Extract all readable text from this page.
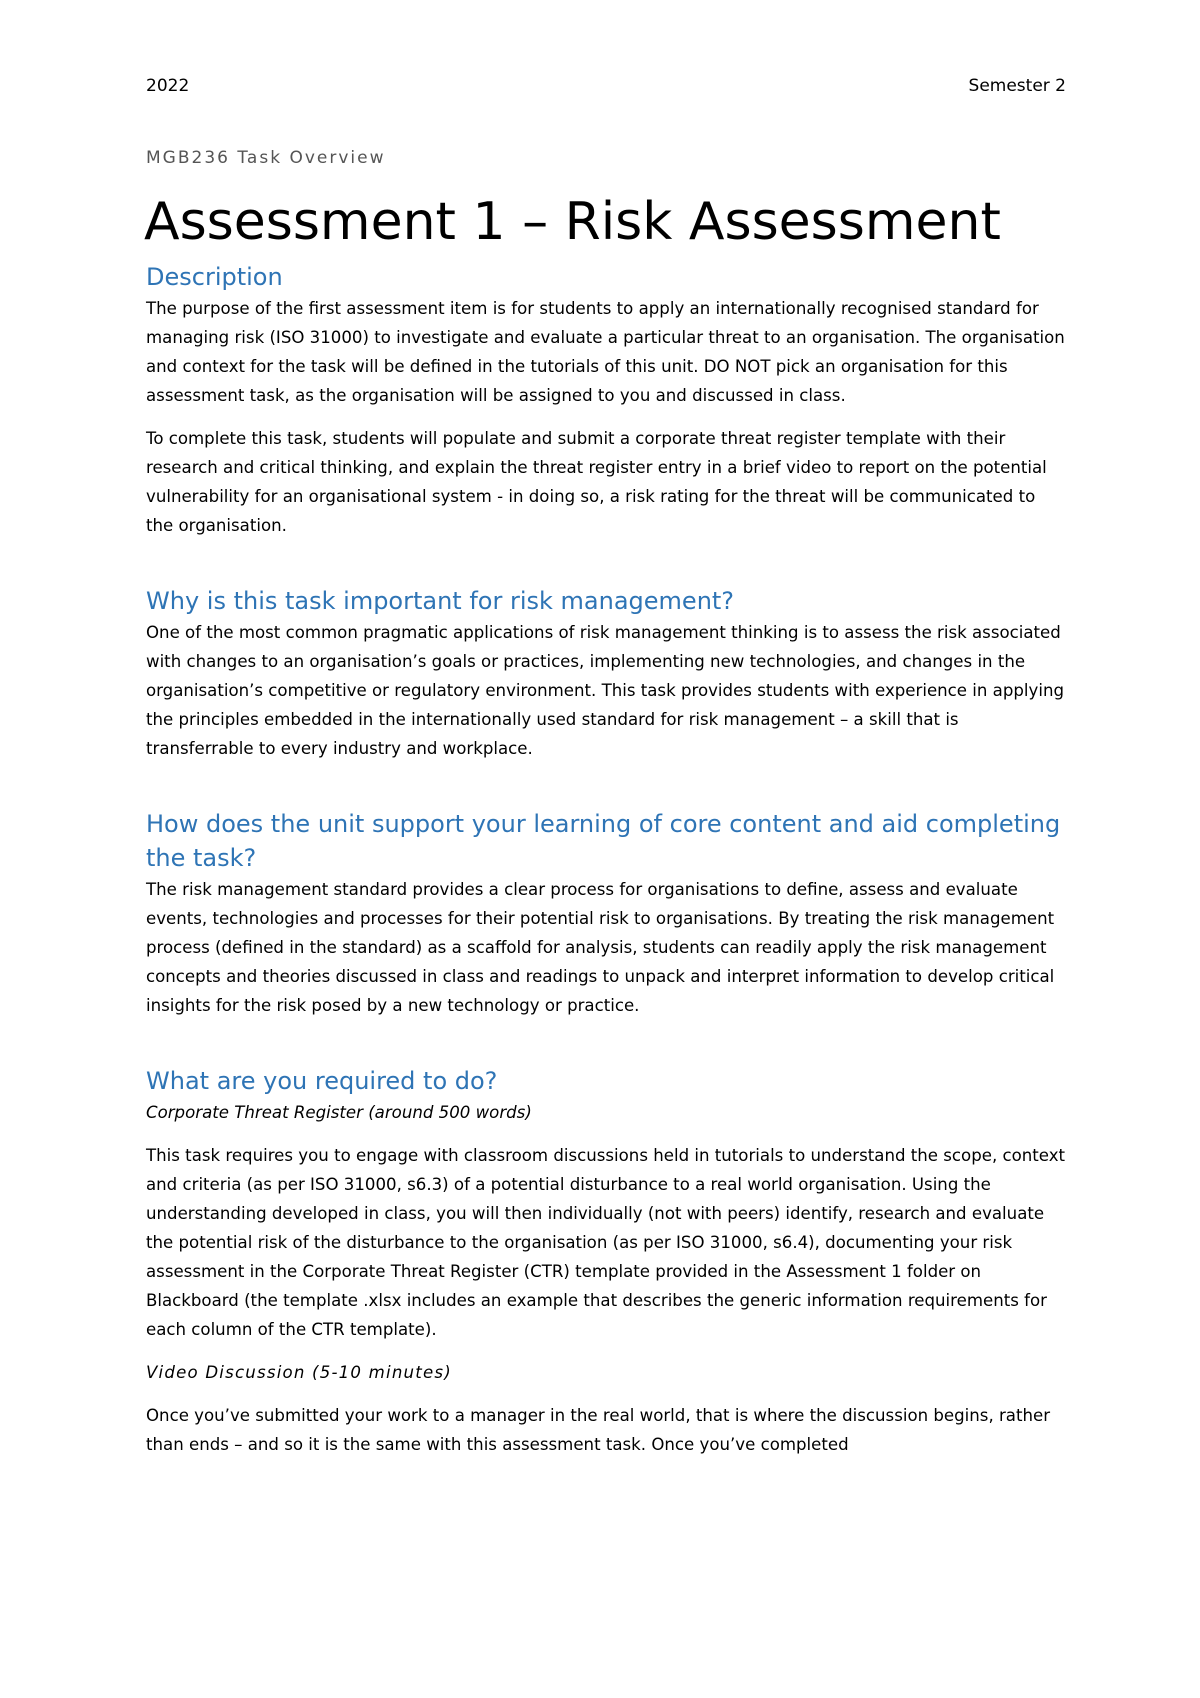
2022	Semester 2
MGB236 Task Overview
Assessment 1 – Risk Assessment
Description

The purpose of the first assessment item is for students to apply an internationally recognised standard for managing risk (ISO 31000) to investigate and evaluate a particular threat to an organisation. The organisation and context for the task will be defined in the tutorials of this unit. DO NOT pick an organisation for this assessment task, as the organisation will be assigned to you and discussed in class.

To complete this task, students will populate and submit a corporate threat register template with their research and critical thinking, and explain the threat register entry in a brief video to report on the potential vulnerability for an organisational system - in doing so, a risk rating for the threat will be communicated to the organisation.

Why is this task important for risk management?

One of the most common pragmatic applications of risk management thinking is to assess the risk associated with changes to an organisation’s goals or practices, implementing new technologies, and changes in the organisation’s competitive or regulatory environment. This task provides students with experience in applying the principles embedded in the internationally used standard for risk management – a skill that is transferrable to every industry and workplace.

How does the unit support your learning of core content and aid completing the task?

The risk management standard provides a clear process for organisations to define, assess and evaluate events, technologies and processes for their potential risk to organisations. By treating the risk management process (defined in the standard) as a scaffold for analysis, students can readily apply the risk management concepts and theories discussed in class and readings to unpack and interpret information to develop critical insights for the risk posed by a new technology or practice.

What are you required to do?

Corporate Threat Register (around 500 words)

This task requires you to engage with classroom discussions held in tutorials to understand the scope, context and criteria (as per ISO 31000, s6.3) of a potential disturbance to a real world organisation. Using the understanding developed in class, you will then individually (not with peers) identify, research and evaluate the potential risk of the disturbance to the organisation (as per ISO 31000, s6.4), documenting your risk assessment in the Corporate Threat Register (CTR) template provided in the Assessment 1 folder on Blackboard (the template .xlsx includes an example that describes the generic information requirements for each column of the CTR template).

Video Discussion (5-10 minutes)

Once you’ve submitted your work to a manager in the real world, that is where the discussion begins, rather than ends – and so it is the same with this assessment task. Once you’ve completed
